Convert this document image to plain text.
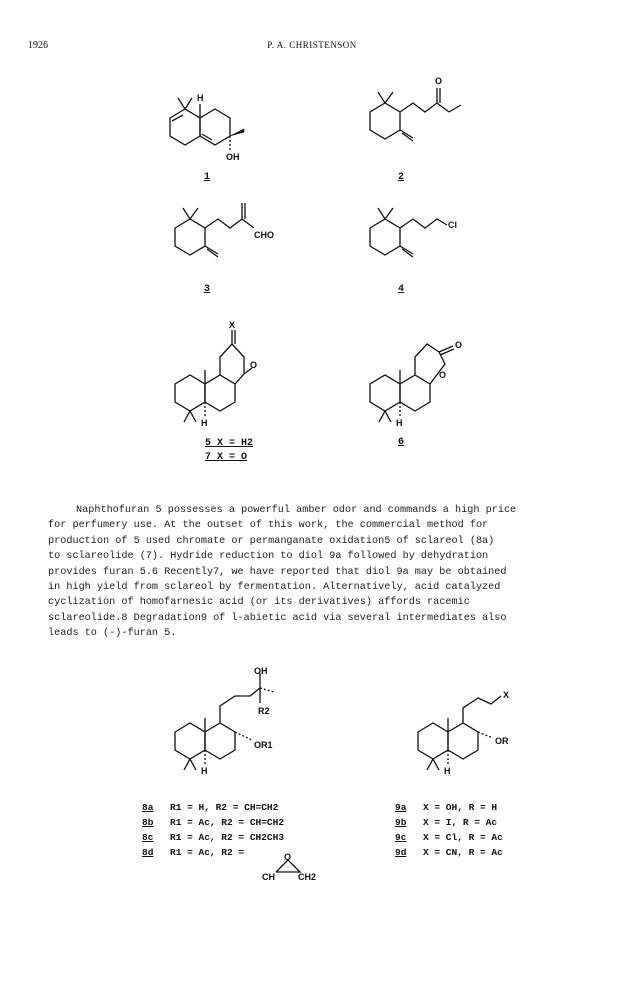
1926	P. A. CHRISTENSON
H
OH
1
O
2
CHO
3
Cl
4
X
O
H
5 X = H2
7 X = O
O
O
H
6

Naphthofuran 5 possesses a powerful amber odor and commands a high price

for perfumery use. At the outset of this work, the commercial method for

production of 5 used chromate or permanganate oxidation5 of sclareol (8a)

to sclareolide (7). Hydride reduction to diol 9a followed by dehydration

provides furan 5.6 Recently7, we have reported that diol 9a may be obtained

in high yield from sclareol by fermentation. Alternatively, acid catalyzed

cyclization of homofarnesic acid (or its derivatives) affords racemic

sclareolide.8 Degradation9 of l-abietic acid via several intermediates also

leads to (-)-furan 5.

OH
R2
OR1
H
8a R1 = H, R2 = CH=CH2
8b R1 = Ac, R2 = CH=CH2
8c R1 = Ac, R2 = CH2CH3
8d R1 = Ac, R2 =	O
CH	CH2
X
OR
H
9a X = OH, R = H
9b X = I, R = Ac
9c X = Cl, R = Ac
9d X = CN, R = Ac
